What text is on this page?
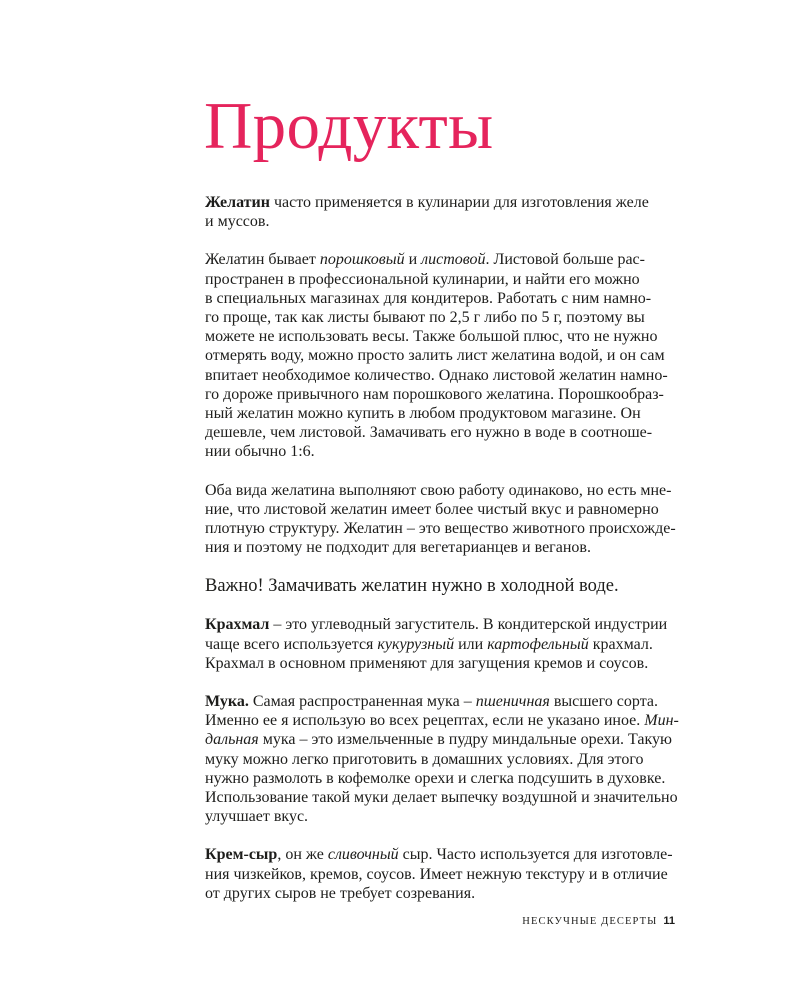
Продукты

Желатин часто применяется в кулинарии для изготовления желе
и муссов.

Желатин бывает порошковый и листовой. Листовой больше рас-
пространен в профессиональной кулинарии, и найти его можно
в специальных магазинах для кондитеров. Работать с ним намно-
го проще, так как листы бывают по 2,5 г либо по 5 г, поэтому вы
можете не использовать весы. Также большой плюс, что не нужно
отмерять воду, можно просто залить лист желатина водой, и он сам
впитает необходимое количество. Однако листовой желатин намно-
го дороже привычного нам порошкового желатина. Порошкообраз-
ный желатин можно купить в любом продуктовом магазине. Он
дешевле, чем листовой. Замачивать его нужно в воде в соотноше-
нии обычно 1:6.

Оба вида желатина выполняют свою работу одинаково, но есть мне-
ние, что листовой желатин имеет более чистый вкус и равномерно
плотную структуру. Желатин – это вещество животного происхожде-
ния и поэтому не подходит для вегетарианцев и веганов.

Важно! Замачивать желатин нужно в холодной воде.

Крахмал – это углеводный загуститель. В кондитерской индустрии
чаще всего используется кукурузный или картофельный крахмал.
Крахмал в основном применяют для загущения кремов и соусов.

Мука. Самая распространенная мука – пшеничная высшего сорта.
Именно ее я использую во всех рецептах, если не указано иное. Мин-
дальная мука – это измельченные в пудру миндальные орехи. Такую
муку можно легко приготовить в домашних условиях. Для этого
нужно размолоть в кофемолке орехи и слегка подсушить в духовке.
Использование такой муки делает выпечку воздушной и значительно
улучшает вкус.

Крем-сыр, он же сливочный сыр. Часто используется для изготовле-
ния чизкейков, кремов, соусов. Имеет нежную текстуру и в отличие
от других сыров не требует созревания.

НЕСКУЧНЫЕ ДЕСЕРТЫ 11
